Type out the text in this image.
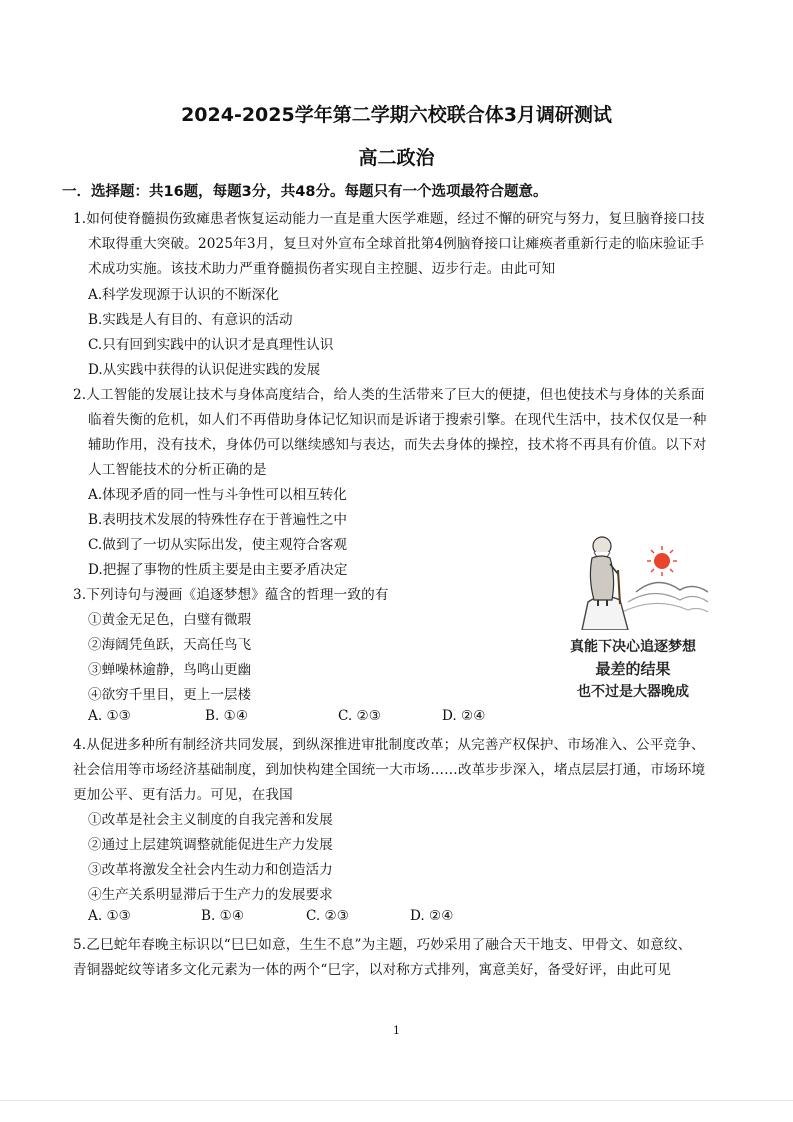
2024-2025学年第二学期六校联合体3月调研测试
高二政治
一．选择题：共16题，每题3分，共48分。每题只有一个选项最符合题意。
1.如何使脊髓损伤致瘫患者恢复运动能力一直是重大医学难题，经过不懈的研究与努力，复旦脑脊接口技
术取得重大突破。2025年3月，复旦对外宣布全球首批第4例脑脊接口让瘫痪者重新行走的临床验证手
术成功实施。该技术助力严重脊髓损伤者实现自主控腿、迈步行走。由此可知
A.科学发现源于认识的不断深化
B.实践是人有目的、有意识的活动
C.只有回到实践中的认识才是真理性认识
D.从实践中获得的认识促进实践的发展
2.人工智能的发展让技术与身体高度结合，给人类的生活带来了巨大的便捷，但也使技术与身体的关系面
临着失衡的危机，如人们不再借助身体记忆知识而是诉诸于搜索引擎。在现代生活中，技术仅仅是一种
辅助作用，没有技术，身体仍可以继续感知与表达，而失去身体的操控，技术将不再具有价值。以下对
人工智能技术的分析正确的是
A.体现矛盾的同一性与斗争性可以相互转化
B.表明技术发展的特殊性存在于普遍性之中
C.做到了一切从实际出发，使主观符合客观
D.把握了事物的性质主要是由主要矛盾决定
3.下列诗句与漫画《追逐梦想》蕴含的哲理一致的有
①黄金无足色，白璧有微瑕
②海阔凭鱼跃，天高任鸟飞
③蝉噪林逾静，鸟鸣山更幽
④欲穷千里目，更上一层楼
A. ①③	B. ①④	C. ②③	D. ②④
真能下决心追逐梦想
最差的结果
也不过是大器晚成
4.从促进多种所有制经济共同发展，到纵深推进审批制度改革；从完善产权保护、市场准入、公平竞争、
社会信用等市场经济基础制度，到加快构建全国统一大市场……改革步步深入，堵点层层打通，市场环境
更加公平、更有活力。可见，在我国
①改革是社会主义制度的自我完善和发展
②通过上层建筑调整就能促进生产力发展
③改革将激发全社会内生动力和创造活力
④生产关系明显滞后于生产力的发展要求
A. ①③	B. ①④	C. ②③	D. ②④
5.乙巳蛇年春晚主标识以“巳巳如意，生生不息”为主题，巧妙采用了融合天干地支、甲骨文、如意纹、
青铜器蛇纹等诸多文化元素为一体的两个“巳字，以对称方式排列，寓意美好，备受好评，由此可见
1
